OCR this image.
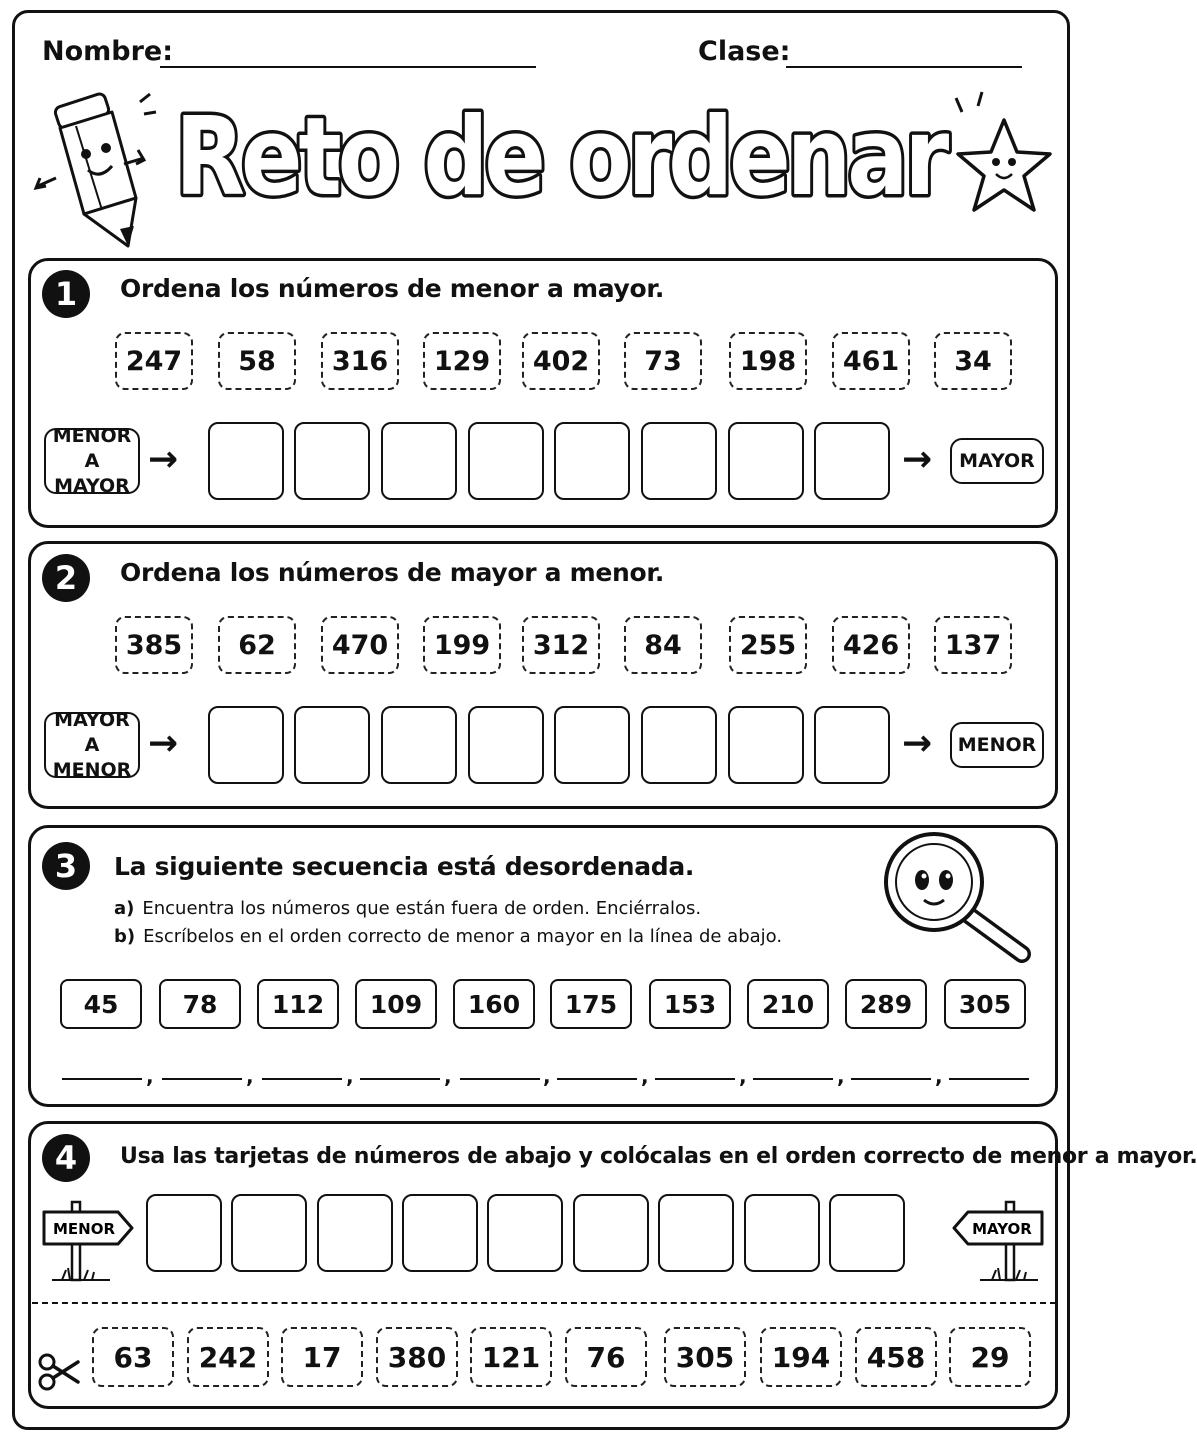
Nombre:	Clase:
Reto de ordenar
1	Ordena los números de menor a mayor.
247	58	316	129	402	73	198	461	34
MENOR
A MAYOR
→	→	MAYOR
2	Ordena los números de mayor a menor.
385	62	470	199	312	84	255	426	137
MAYOR
A MENOR
→	→	MENOR
3	La siguiente secuencia está desordenada.
a) Encuentra los números que están fuera de orden. Enciérralos.
b) Escríbelos en el orden correcto de menor a mayor en la línea de abajo.
45	78	112	109	160	175	153	210	289	305
,	,	,	,	,	,	,	,	,
4	Usa las tarjetas de números de abajo y colócalas en el orden correcto de menor a mayor.
MENOR	MAYOR
63	242	17	380	121	76	305	194	458	29
